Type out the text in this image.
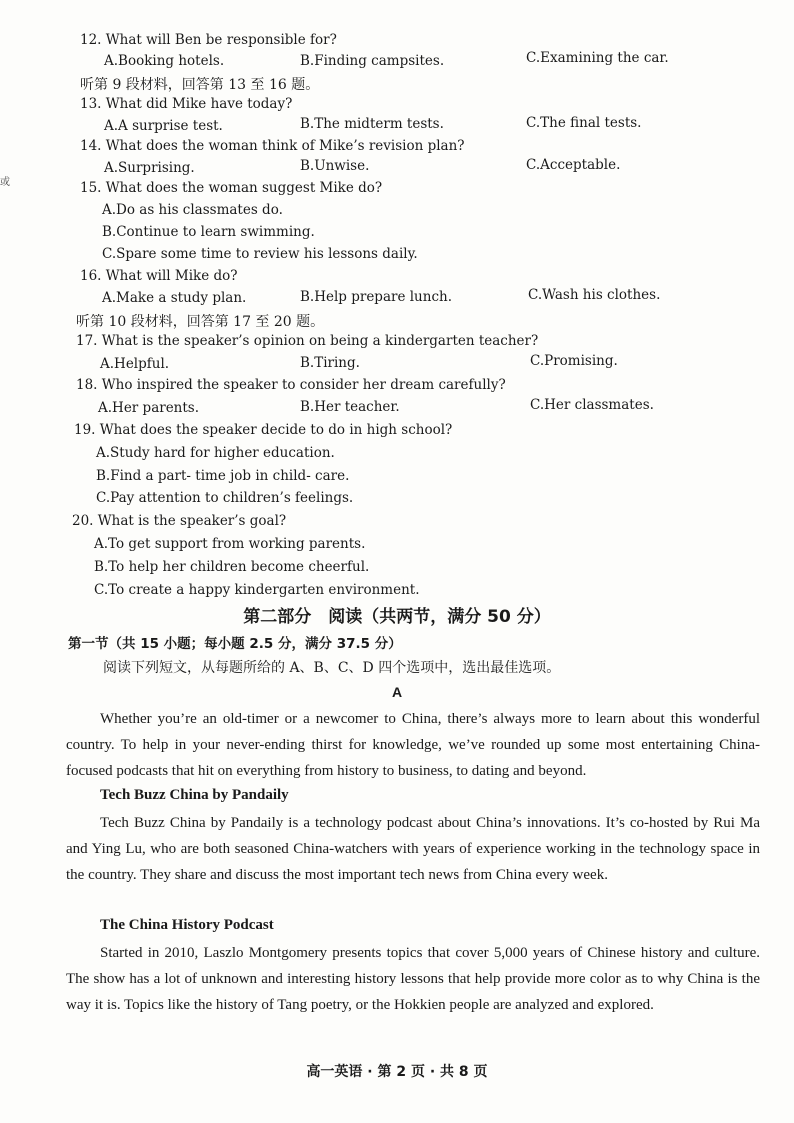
或
12. What will Ben be responsible for?
A.Booking hotels.	B.Finding campsites.	C.Examining the car.
听第 9 段材料，回答第 13 至 16 题。
13. What did Mike have today?
A.A surprise test.	B.The midterm tests.	C.The final tests.
14. What does the woman think of Mike’s revision plan?
A.Surprising.	B.Unwise.	C.Acceptable.
15. What does the woman suggest Mike do?
A.Do as his classmates do.
B.Continue to learn swimming.
C.Spare some time to review his lessons daily.
16. What will Mike do?
A.Make a study plan.	B.Help prepare lunch.	C.Wash his clothes.
听第 10 段材料，回答第 17 至 20 题。
17. What is the speaker’s opinion on being a kindergarten teacher?
A.Helpful.	B.Tiring.	C.Promising.
18. Who inspired the speaker to consider her dream carefully?
A.Her parents.	B.Her teacher.	C.Her classmates.
19. What does the speaker decide to do in high school?
A.Study hard for higher education.
B.Find a part- time job in child- care.
C.Pay attention to children’s feelings.
20. What is the speaker’s goal?
A.To get support from working parents.
B.To help her children become cheerful.
C.To create a happy kindergarten environment.
第二部分　阅读（共两节，满分 50 分）
第一节（共 15 小题；每小题 2.5 分，满分 37.5 分）
阅读下列短文，从每题所给的 A、B、C、D 四个选项中，选出最佳选项。
A

Whether you’re an old-timer or a newcomer to China, there’s always more to learn about this wonderful country. To help in your never-ending thirst for knowledge, we’ve rounded up some most entertaining China-focused podcasts that hit on everything from history to business, to dating and beyond.

Tech Buzz China by Pandaily

Tech Buzz China by Pandaily is a technology podcast about China’s innovations. It’s co-hosted by Rui Ma and Ying Lu, who are both seasoned China-watchers with years of experience working in the technology space in the country. They share and discuss the most important tech news from China every week.

The China History Podcast

Started in 2010, Laszlo Montgomery presents topics that cover 5,000 years of Chinese history and culture. The show has a lot of unknown and interesting history lessons that help provide more color as to why China is the way it is. Topics like the history of Tang poetry, or the Hokkien people are analyzed and explored.

高一英语 · 第 2 页 · 共 8 页
